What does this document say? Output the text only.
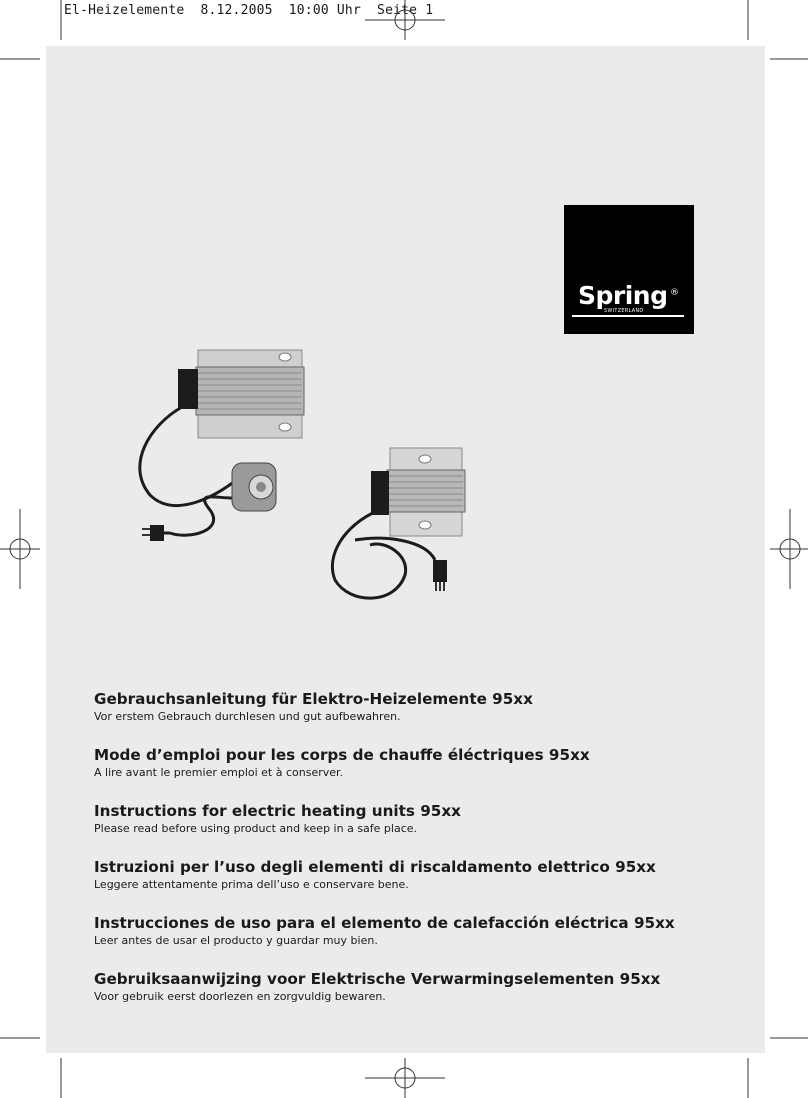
El-Heizelemente  8.12.2005  10:00 Uhr  Seite 1
Spring ®
SWITZERLAND
Gebrauchsanleitung für Elektro-Heizelemente 95xx
Vor erstem Gebrauch durchlesen und gut aufbewahren.
Mode d’emploi pour les corps de chauffe éléctriques 95xx
A lire avant le premier emploi et à conserver.
Instructions for electric heating units 95xx
Please read before using product and keep in a safe place.
Istruzioni per l’uso degli elementi di riscaldamento elettrico 95xx
Leggere attentamente prima dell’uso e conservare bene.
Instrucciones de uso para el elemento de calefacción eléctrica 95xx
Leer antes de usar el producto y guardar muy bien.
Gebruiksaanwijzing voor Elektrische Verwarmingselementen 95xx
Voor gebruik eerst doorlezen en zorgvuldig bewaren.
